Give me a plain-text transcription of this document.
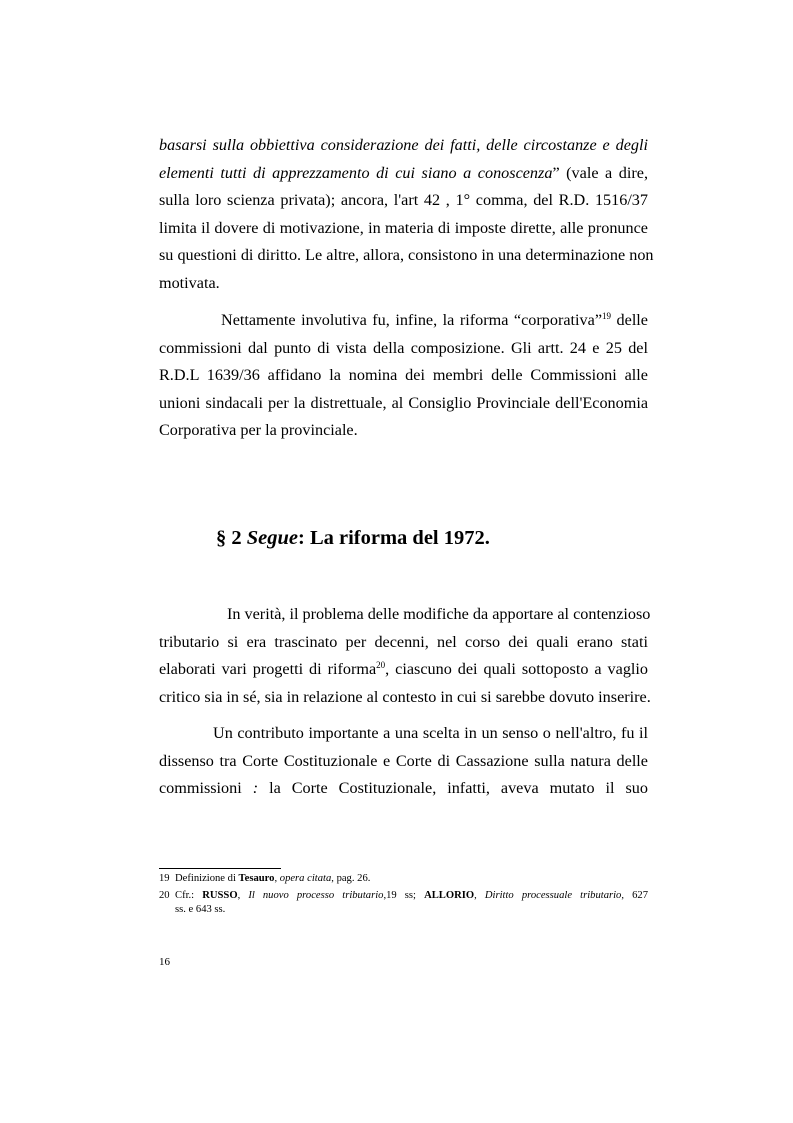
basarsi sulla obbiettiva considerazione dei fatti, delle circostanze e degli
elementi tutti di apprezzamento di cui siano a conoscenza” (vale a dire,
sulla loro scienza privata); ancora, l'art 42 , 1° comma, del R.D. 1516/37
limita il dovere di motivazione, in materia di imposte dirette, alle pronunce
su questioni di diritto. Le altre, allora, consistono in una determinazione non
motivata.
Nettamente involutiva fu, infine, la riforma “corporativa”$^{19}$ delle
commissioni dal punto di vista della composizione. Gli artt. 24 e 25 del
R.D.L 1639/36 affidano la nomina dei membri delle Commissioni alle
unioni sindacali per la distrettuale, al Consiglio Provinciale dell'Economia
Corporativa per la provinciale.
§ 2 Segue: La riforma del 1972.
In verità, il problema delle modifiche da apportare al contenzioso
tributario si era trascinato per decenni, nel corso dei quali erano stati
elaborati vari progetti di riforma$^{20}$, ciascuno dei quali sottoposto a vaglio
critico sia in sé, sia in relazione al contesto in cui si sarebbe dovuto inserire.
Un contributo importante a una scelta in un senso o nell'altro, fu il
dissenso tra Corte Costituzionale e Corte di Cassazione sulla natura delle
commissioni : la Corte Costituzionale, infatti, aveva mutato il suo
19 Definizione di Tesauro, opera citata, pag. 26.
20 Cfr.: RUSSO, Il nuovo processo tributario,19 ss; ALLORIO, Diritto processuale tributario, 627
ss. e 643 ss.
16
